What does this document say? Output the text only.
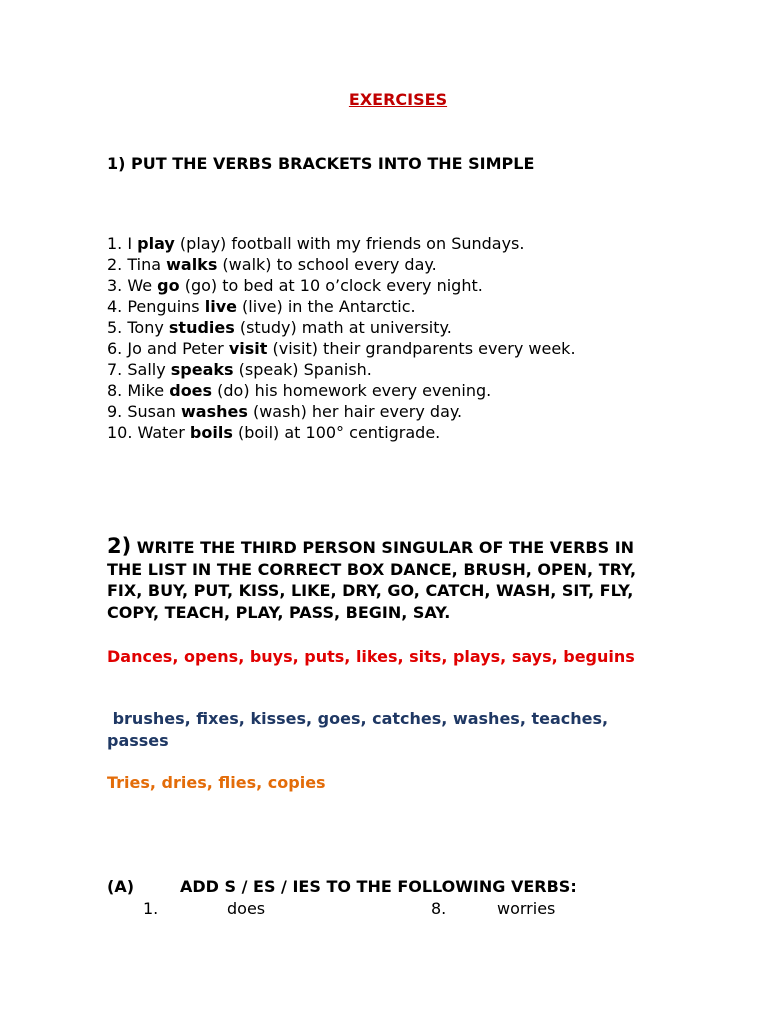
EXERCISES
1) PUT THE VERBS BRACKETS INTO THE SIMPLE
1. I play (play) football with my friends on Sundays.
2. Tina walks (walk) to school every day.
3. We go (go) to bed at 10 o’clock every night.
4. Penguins live (live) in the Antarctic.
5. Tony studies (study) math at university.
6. Jo and Peter visit (visit) their grandparents every week.
7. Sally speaks (speak) Spanish.
8. Mike does (do) his homework every evening.
9. Susan washes (wash) her hair every day.
10. Water boils (boil) at 100° centigrade.
2) WRITE THE THIRD PERSON SINGULAR OF THE VERBS IN THE LIST IN THE CORRECT BOX DANCE, BRUSH, OPEN, TRY, FIX, BUY, PUT, KISS, LIKE, DRY, GO, CATCH, WASH, SIT, FLY, COPY, TEACH, PLAY, PASS, BEGIN, SAY.
Dances, opens, buys, puts, likes, sits, plays, says, beguins
brushes, fixes, kisses, goes, catches, washes, teaches, passes
Tries, dries, flies, copies
(A)	ADD S / ES / IES TO THE FOLLOWING VERBS:
1.	does	8.	worries
